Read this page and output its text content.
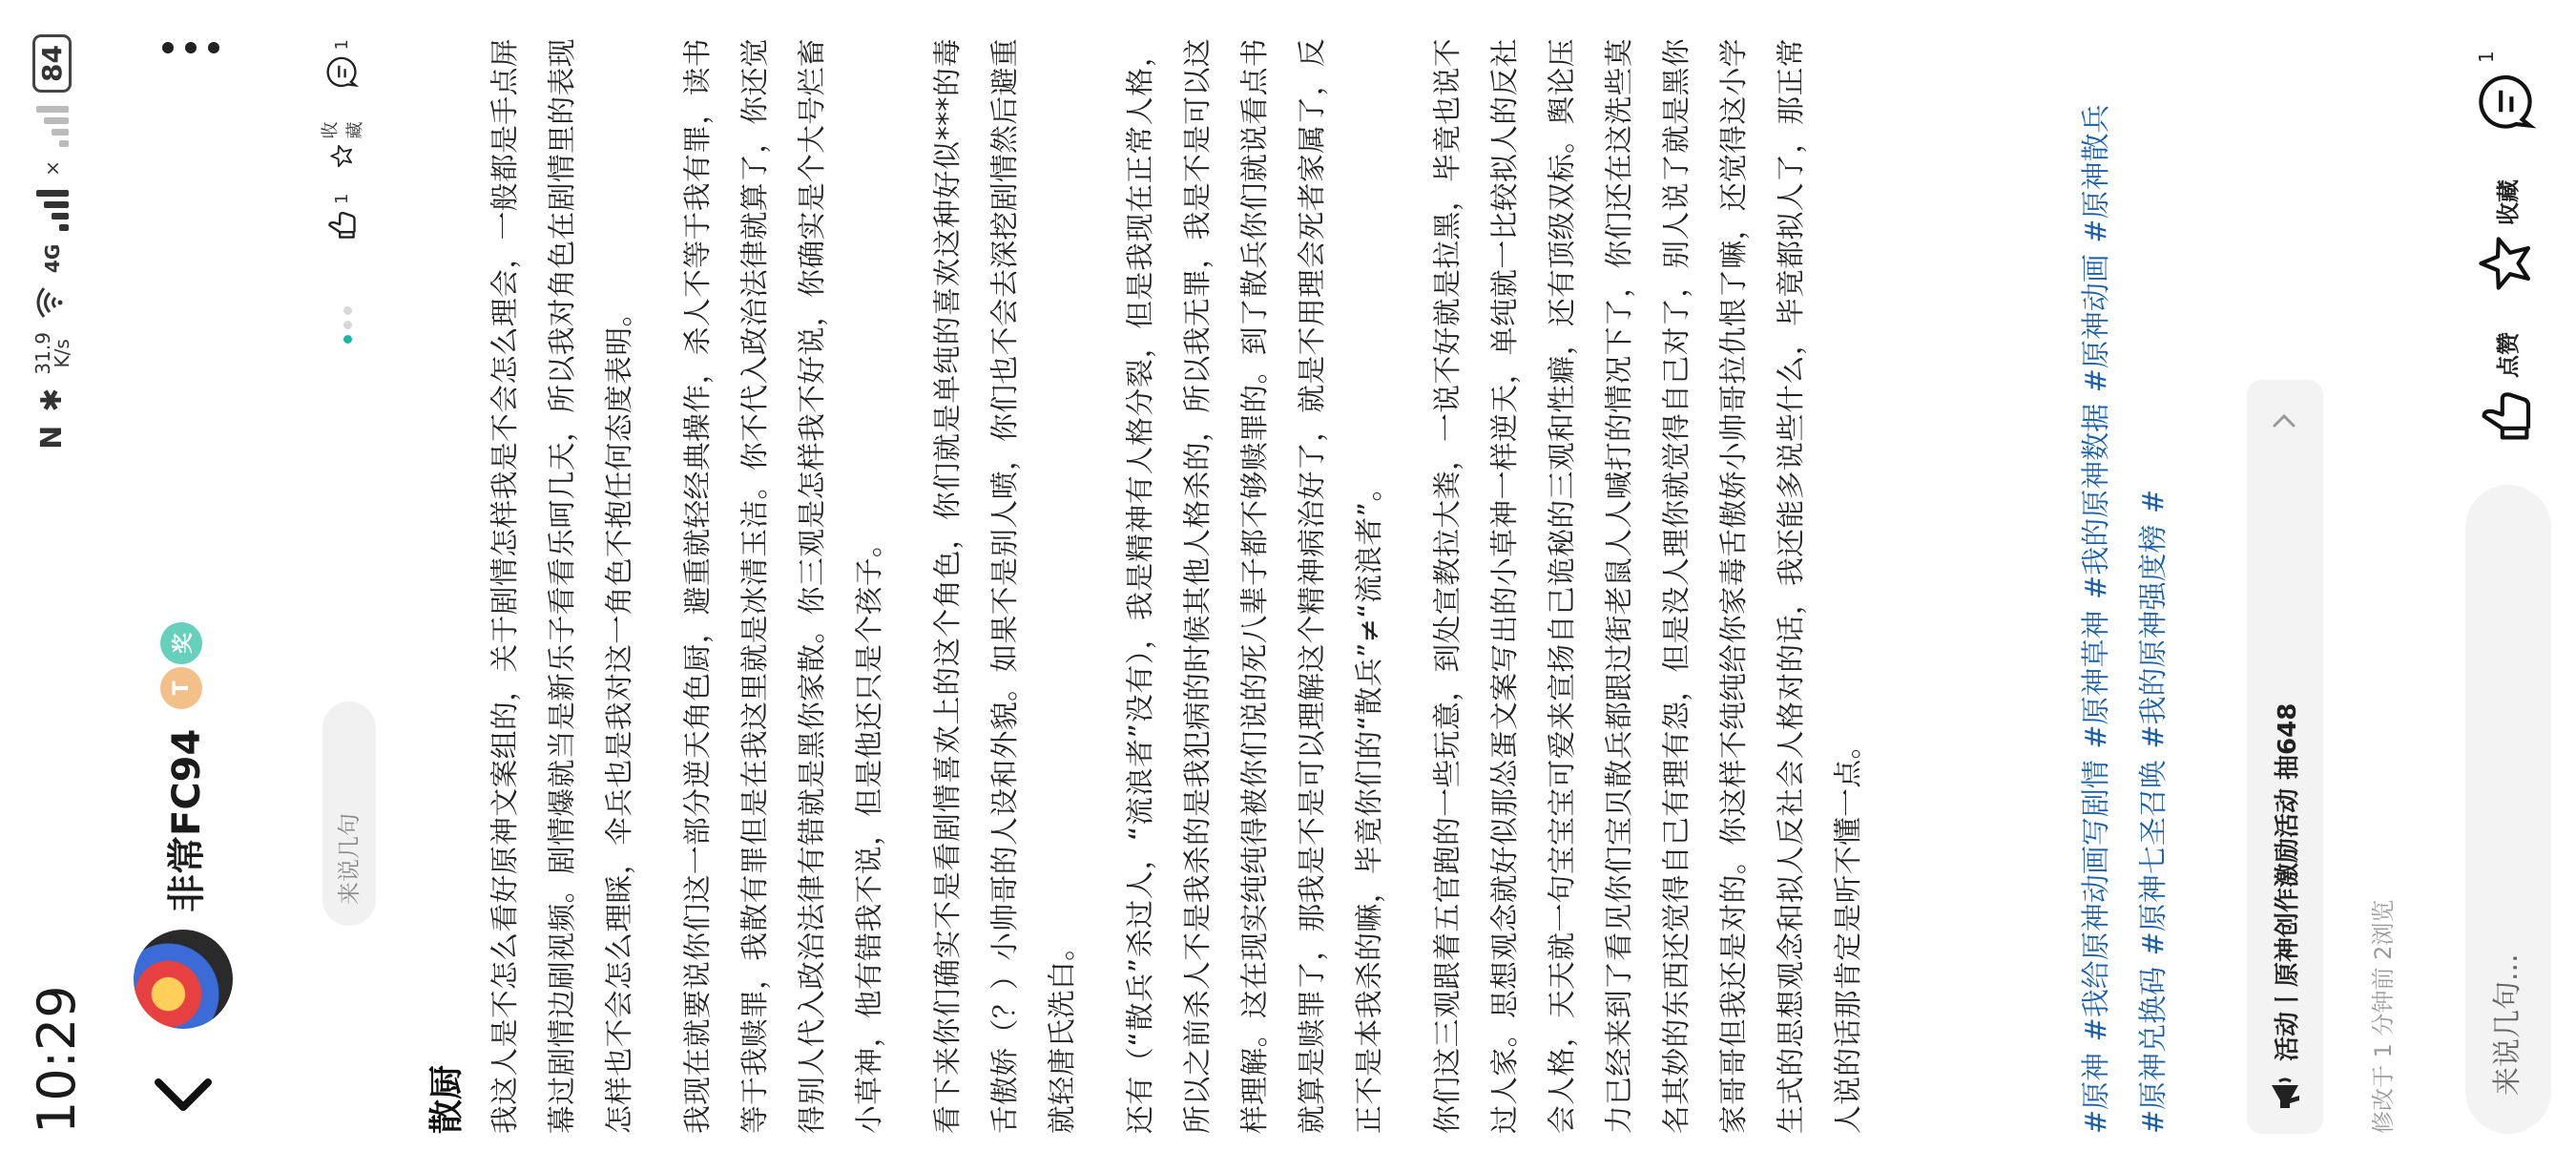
10:29
N
✱
31.9
K/s
4G
×
84
非常FC94
T
奖
来说几句
1
收藏
1
散厨 我这人是不怎么看好原神文案组的，关于剧情怎样我是不会怎么理会，一般都是手点屏幕过剧情边刷视频。剧情爆就当是新乐子看看乐呵几天，所以我对角色在剧情里的表现怎样也不会怎么理睬，伞兵也是我对这一角色不抱任何态度表明。	我现在就要说你们这一部分逆天角色厨，避重就轻经典操作，杀人不等于我有罪，读书等于我赎罪，我散有罪但是在我这里就是冰清玉洁。你不代入政治法律就算了，你还觉得别人代入政治法律有错就是黑你家散。你三观是怎样我不好说，你确实是个大号烂畜小草神，他有错我不说，但是他还只是个孩子。	看下来你们确实不是看剧情喜欢上的这个角色，你们就是单纯的喜欢这种好似***的毒舌傲娇（？）小帅哥的人设和外貌。如果不是别人喷，你们也不会去深挖剧情然后避重就轻唐氏洗白。	还有（“散兵”杀过人，“流浪者”没有），我是精神有人格分裂，但是我现在正常人格，所以之前杀人不是我杀的是我犯病的时候其他人格杀的，所以我无罪，我是不是可以这样理解。这在现实纯纯得被你们说的死八辈子都不够赎罪的。到了散兵你们就说看点书就算是赎罪了，那我是不是可以理解这个精神病治好了，就是不用理会死者家属了，反正不是本我杀的嘛，毕竟你们的“散兵”≠“流浪者”。	你们这三观跟着五官跑的一些玩意，到处宣教拉大粪，一说不好就是拉黑，毕竟也说不过人家。思想观念就好似那怂蛋文案写出的小草神一样逆天，单纯就一比较拟人的反社会人格，天天就一句宝宝宝可爱来宣扬自己诡秘的三观和性癖，还有顶级双标。舆论压力已经来到了看见你们宝贝散兵都跟过街老鼠人人喊打的情况下了，你们还在这洗些莫名其妙的东西还觉得自己有理有怨，但是没人理你就觉得自己对了，别人说了就是黑你家哥哥但我还是对的。你这样不纯纯给你家毒舌傲娇小帅哥拉仇恨了嘛，还觉得这小学生式的思想观念和拟人反社会人格对的话，我还能多说些什么，毕竟都拟人了，那正常人说的话那肯定是听不懂一点。	#原神 #我给原神动画写剧情 #原神草神 #我的原神数据 #原神动画 #原神散兵 #原神兑换码 #原神七圣召唤 #我的原神强度榜 #
活动丨原神创作激励活动 抽648	修改于 1 分钟前 2浏览	来说几句...
点赞
收藏
1
